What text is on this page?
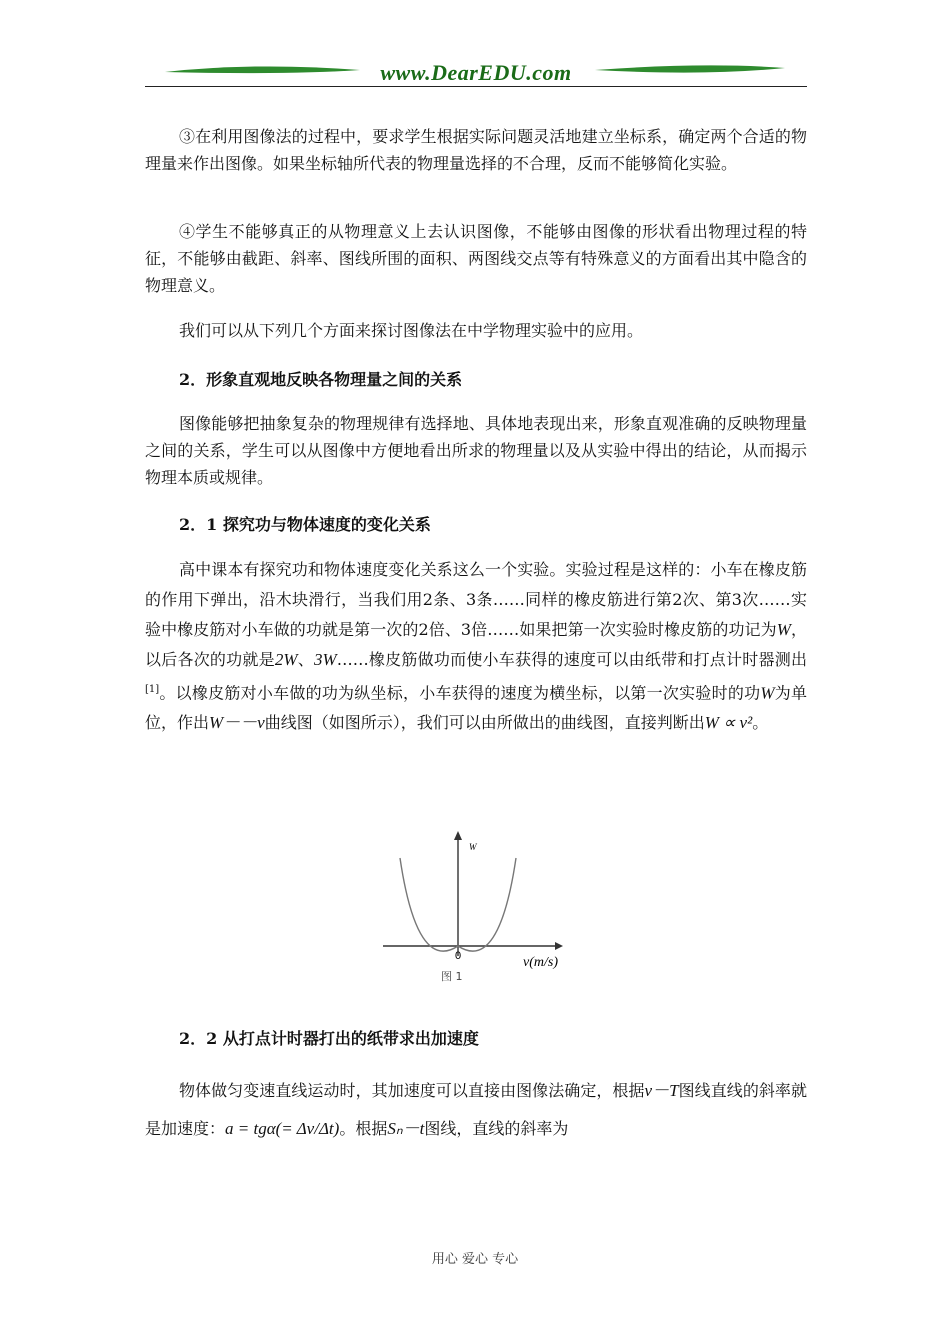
www.DearEDU.com

③在利用图像法的过程中，要求学生根据实际问题灵活地建立坐标系，确定两个合适的物理量来作出图像。如果坐标轴所代表的物理量选择的不合理，反而不能够简化实验。

④学生不能够真正的从物理意义上去认识图像，不能够由图像的形状看出物理过程的特征，不能够由截距、斜率、图线所围的面积、两图线交点等有特殊意义的方面看出其中隐含的物理意义。

我们可以从下列几个方面来探讨图像法在中学物理实验中的应用。

2．形象直观地反映各物理量之间的关系

图像能够把抽象复杂的物理规律有选择地、具体地表现出来，形象直观准确的反映物理量之间的关系，学生可以从图像中方便地看出所求的物理量以及从实验中得出的结论，从而揭示物理本质或规律。

2．1 探究功与物体速度的变化关系

高中课本有探究功和物体速度变化关系这么一个实验。实验过程是这样的：小车在橡皮筋的作用下弹出，沿木块滑行，当我们用2条、3条……同样的橡皮筋进行第2次、第3次……实验中橡皮筋对小车做的功就是第一次的2倍、3倍……如果把第一次实验时橡皮筋的功记为W，以后各次的功就是2W、3W……橡皮筋做功而使小车获得的速度可以由纸带和打点计时器测出[1]。以橡皮筋对小车做的功为纵坐标，小车获得的速度为横坐标，以第一次实验时的功W为单位，作出W－－v曲线图（如图所示），我们可以由所做出的曲线图，直接判断出W ∝ v²。

W
0	v(m/s)
图 1
2．2 从打点计时器打出的纸带求出加速度

物体做匀变速直线运动时，其加速度可以直接由图像法确定，根据v－T图线直线的斜率就是加速度：a = tgα(= Δv/Δt)。根据Sₙ－t图线，直线的斜率为

用心 爱心 专心
